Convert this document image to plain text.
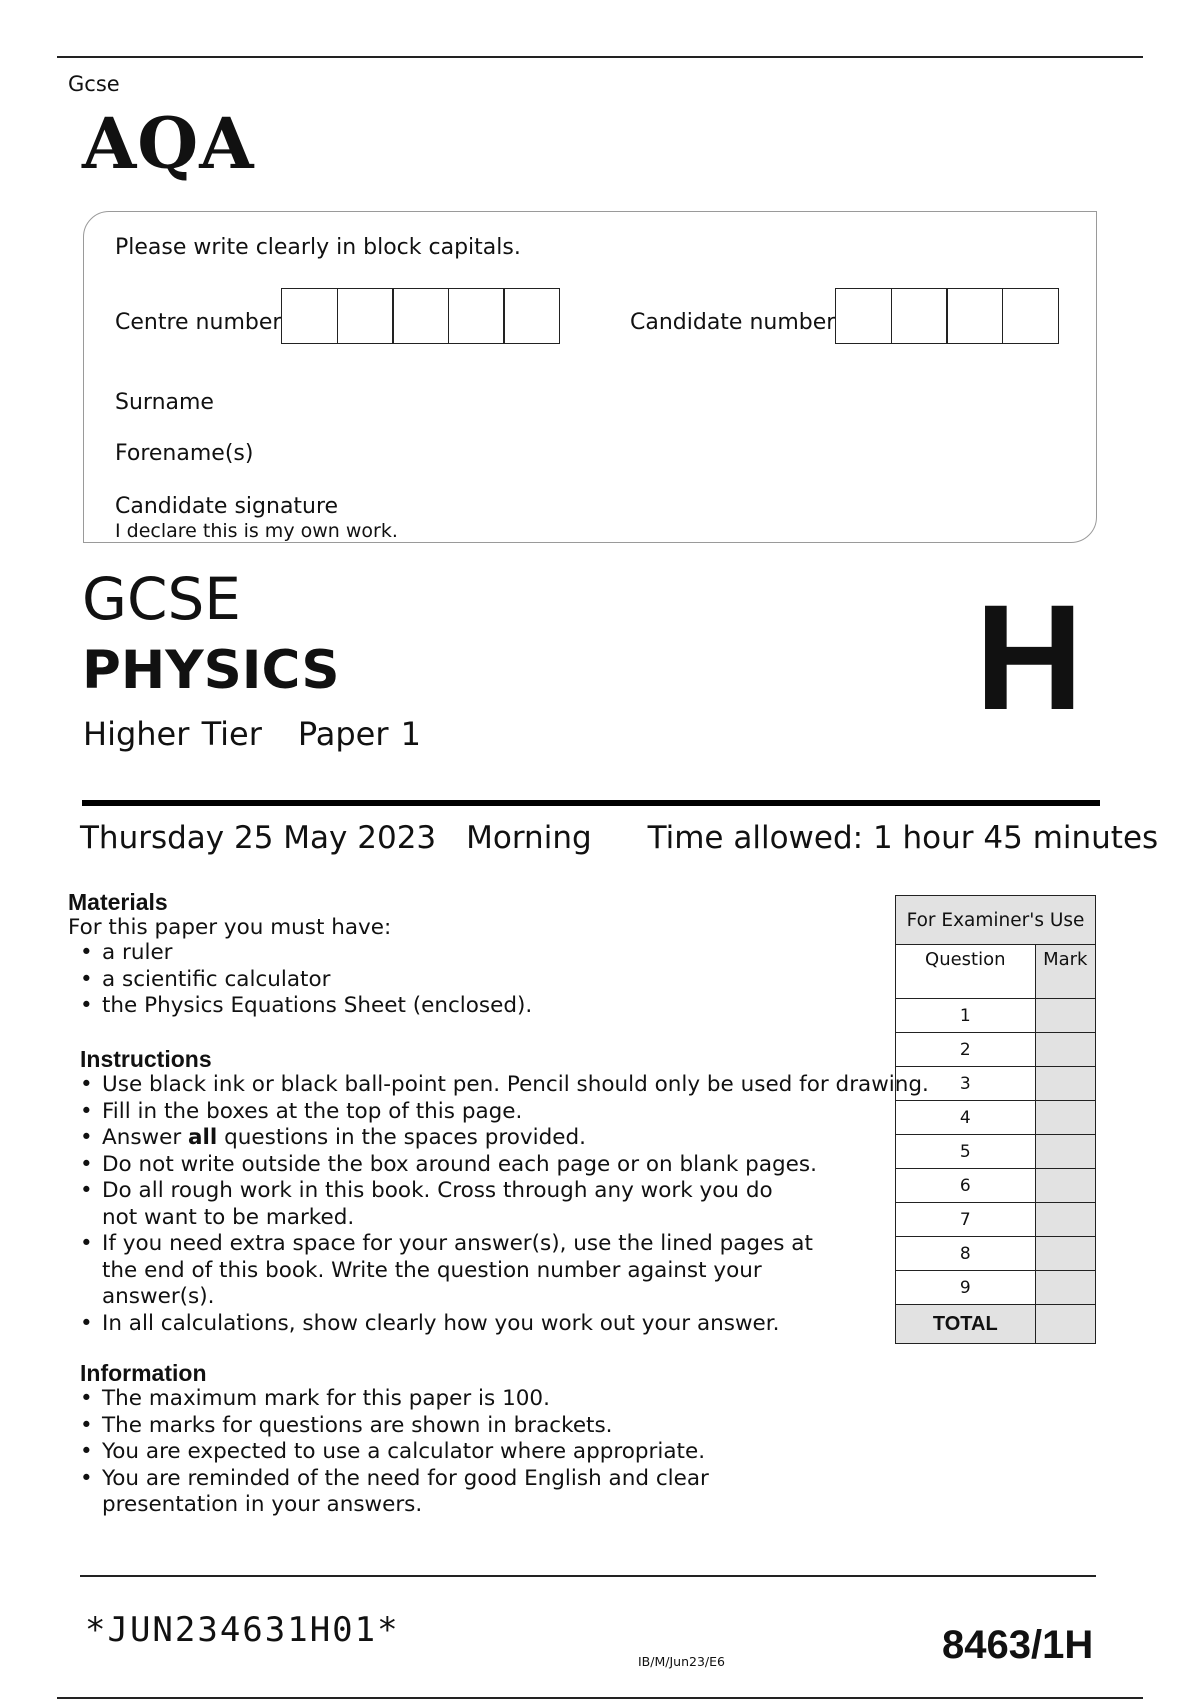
Gcse
AQA
Please write clearly in block capitals.
Centre number	Candidate number
Surname
Forename(s)
Candidate signature
I declare this is my own work.
GCSE
PHYSICS
Higher Tier Paper 1	H
Thursday 25 May 2023 Morning Time allowed: 1 hour 45 minutes
Materials
For this paper you must have:
• a ruler
• a scientific calculator
• the Physics Equations Sheet (enclosed).
Instructions
• Use black ink or black ball-point pen. Pencil should only be used for drawing.
• Fill in the boxes at the top of this page.
• Answer all questions in the spaces provided.
• Do not write outside the box around each page or on blank pages.
• Do all rough work in this book. Cross through any work you do not want to be marked.
• If you need extra space for your answer(s), use the lined pages at the end of this book. Write the question number against your answer(s).
• In all calculations, show clearly how you work out your answer.
Information
• The maximum mark for this paper is 100.
• The marks for questions are shown in brackets.
• You are expected to use a calculator where appropriate.
• You are reminded of the need for good English and clear presentation in your answers.
For Examiner's Use	
Question	Mark
1	
2	
3	
4	
5	
6	
7	
8	
9	
TOTAL	
*JUN234631H01*
IB/M/Jun23/E6	8463/1H
